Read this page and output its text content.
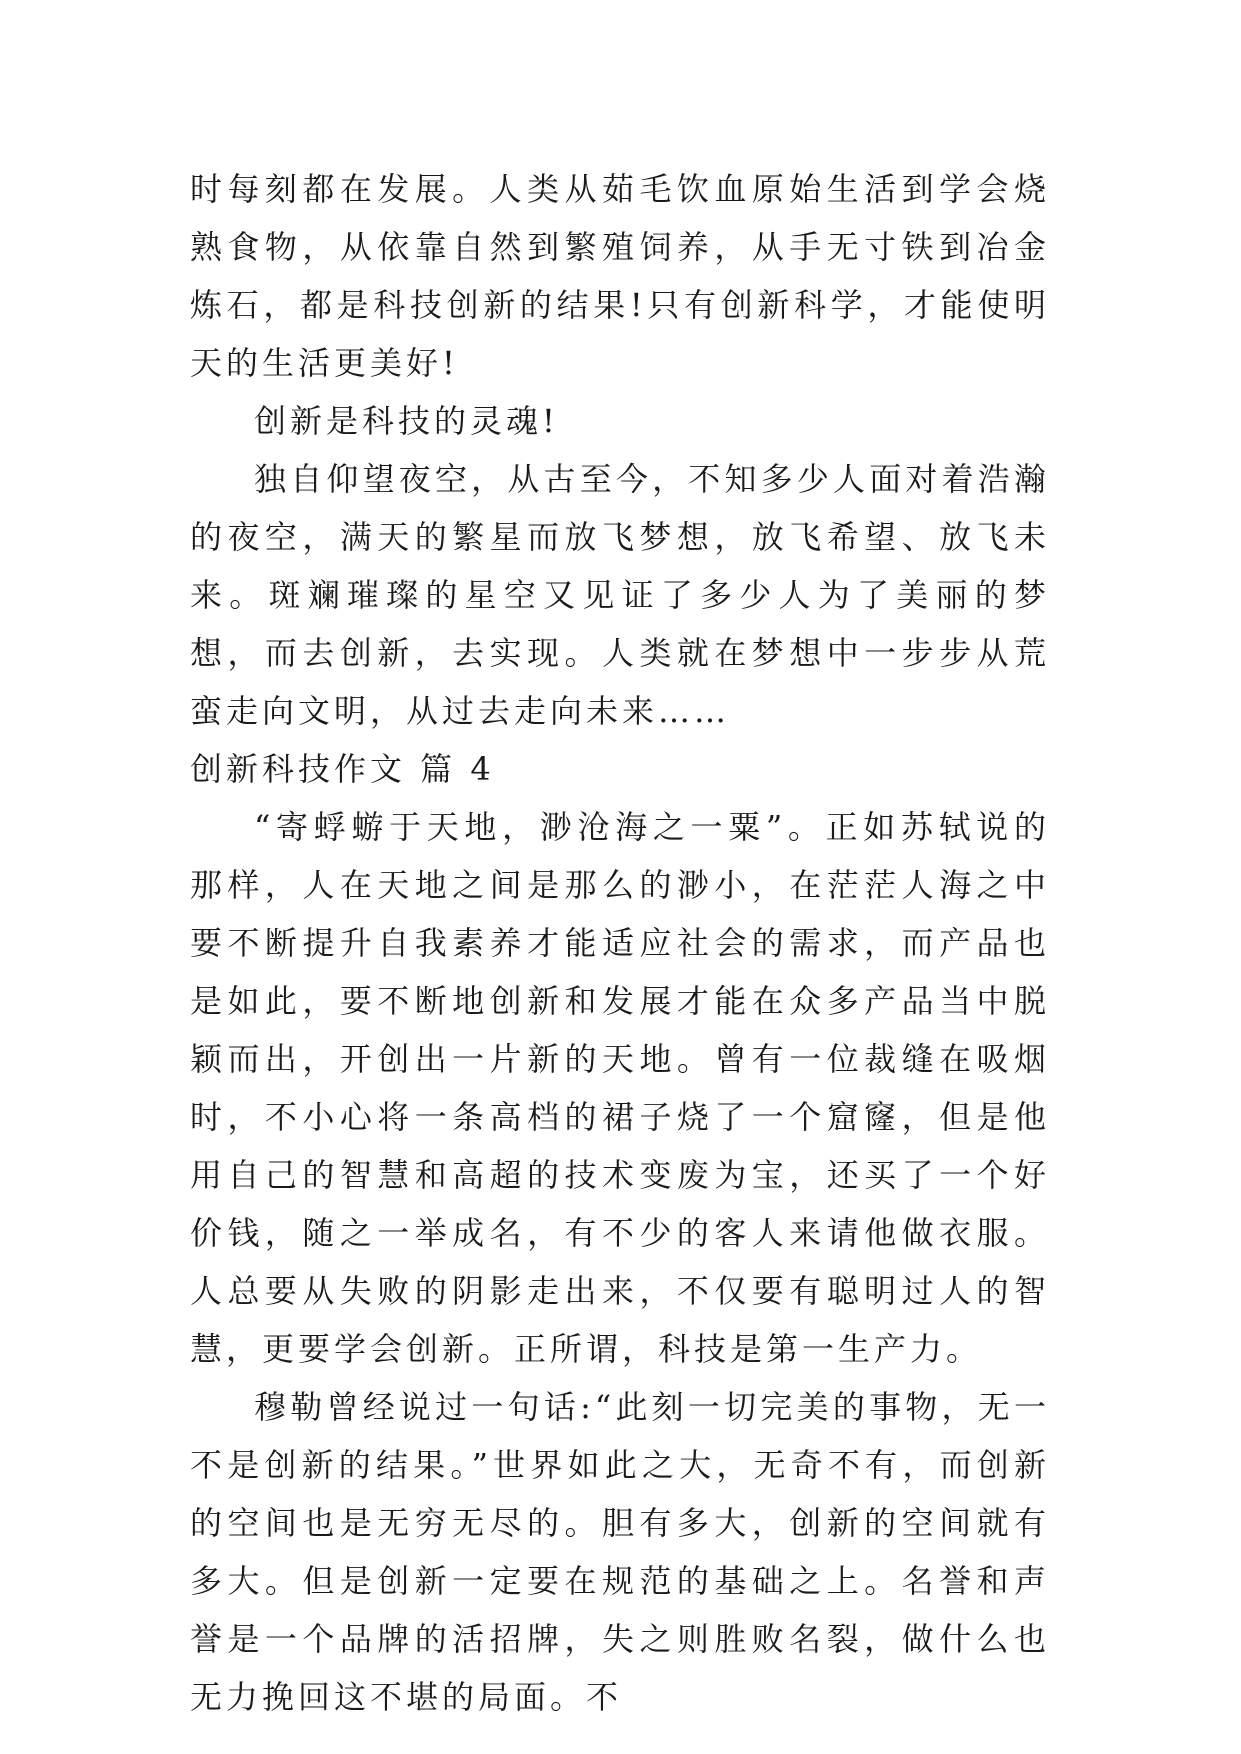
时每刻都在发展。人类从茹毛饮血原始生活到学会烧熟食物，从依靠自然到繁殖饲养，从手无寸铁到冶金炼石，都是科技创新的结果!只有创新科学，才能使明天的生活更美好!

创新是科技的灵魂!

独自仰望夜空，从古至今，不知多少人面对着浩瀚的夜空，满天的繁星而放飞梦想，放飞希望、放飞未来。斑斓璀璨的星空又见证了多少人为了美丽的梦想，而去创新，去实现。人类就在梦想中一步步从荒蛮走向文明，从过去走向未来……

创新科技作文 篇 4

“寄蜉蝣于天地，渺沧海之一粟”。正如苏轼说的那样，人在天地之间是那么的渺小，在茫茫人海之中要不断提升自我素养才能适应社会的需求，而产品也是如此，要不断地创新和发展才能在众多产品当中脱颖而出，开创出一片新的天地。曾有一位裁缝在吸烟时，不小心将一条高档的裙子烧了一个窟窿，但是他用自己的智慧和高超的技术变废为宝，还买了一个好价钱，随之一举成名，有不少的客人来请他做衣服。人总要从失败的阴影走出来，不仅要有聪明过人的智慧，更要学会创新。正所谓，科技是第一生产力。

穆勒曾经说过一句话:“此刻一切完美的事物，无一不是创新的结果。”世界如此之大，无奇不有，而创新的空间也是无穷无尽的。胆有多大，创新的空间就有多大。但是创新一定要在规范的基础之上。名誉和声誉是一个品牌的活招牌，失之则胜败名裂，做什么也无力挽回这不堪的局面。不
